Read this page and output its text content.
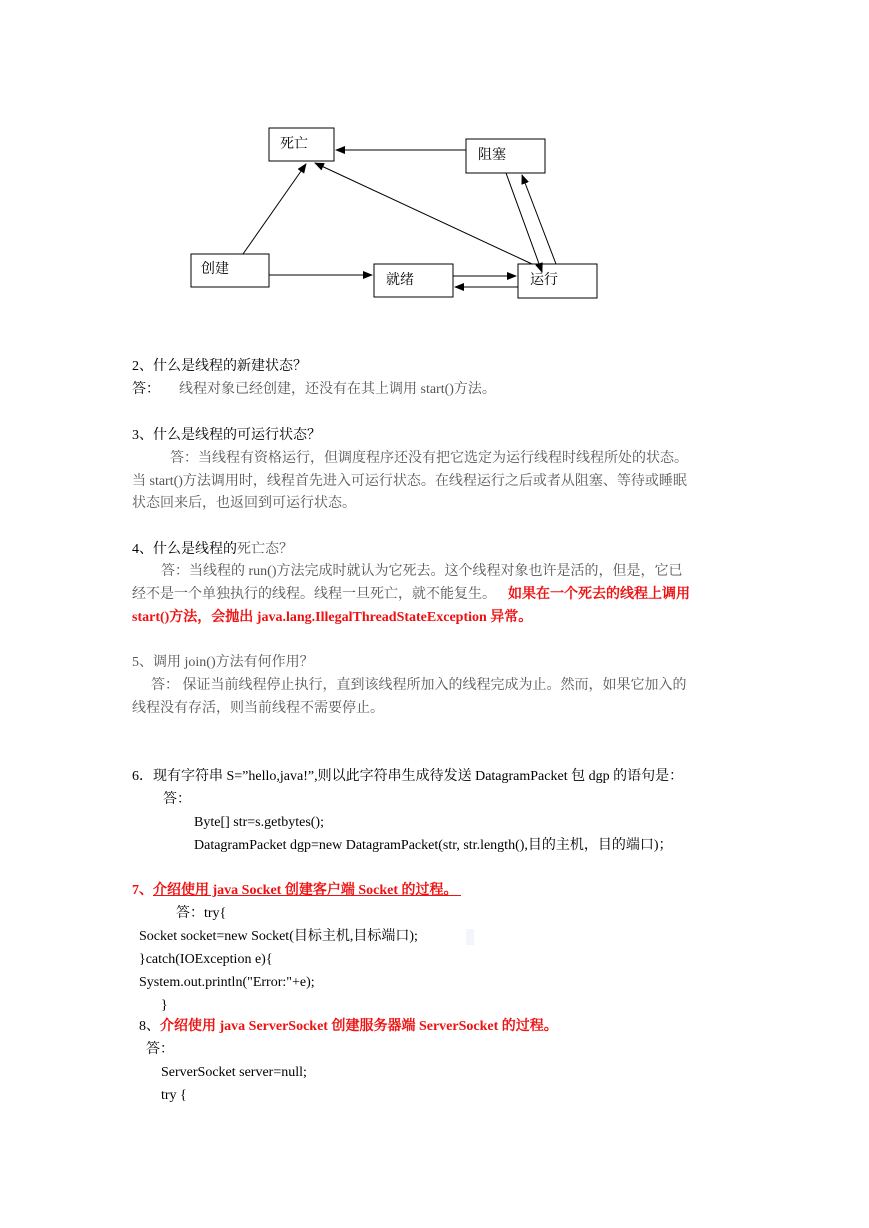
死亡
阻塞
创建
就绪	运行
2、什么是线程的新建状态？
答： 线程对象已经创建，还没有在其上调用 start()方法。
3、什么是线程的可运行状态？
答：当线程有资格运行，但调度程序还没有把它选定为运行线程时线程所处的状态。
当 start()方法调用时，线程首先进入可运行状态。在线程运行之后或者从阻塞、等待或睡眠
状态回来后，也返回到可运行状态。
4、什么是线程的死亡态？
答：当线程的 run()方法完成时就认为它死去。这个线程对象也许是活的，但是，它已
经不是一个单独执行的线程。线程一旦死亡，就不能复生。 如果在一个死去的线程上调用
start()方法，会抛出 java.lang.IllegalThreadStateException 异常。
5、调用 join()方法有何作用？
答： 保证当前线程停止执行，直到该线程所加入的线程完成为止。然而，如果它加入的
线程没有存活，则当前线程不需要停止。
6．现有字符串 S=”hello,java!”,则以此字符串生成待发送 DatagramPacket 包 dgp 的语句是：
答：
Byte[] str=s.getbytes();
DatagramPacket dgp=new DatagramPacket(str, str.length(),目的主机，目的端口)；
7、介绍使用 java Socket 创建客户端 Socket 的过程。
答：try{
Socket socket=new Socket(目标主机,目标端口);
}catch(IOException e){
System.out.println("Error:"+e);
}
8、介绍使用 java ServerSocket 创建服务器端 ServerSocket 的过程。
答：
ServerSocket server=null;
try {
